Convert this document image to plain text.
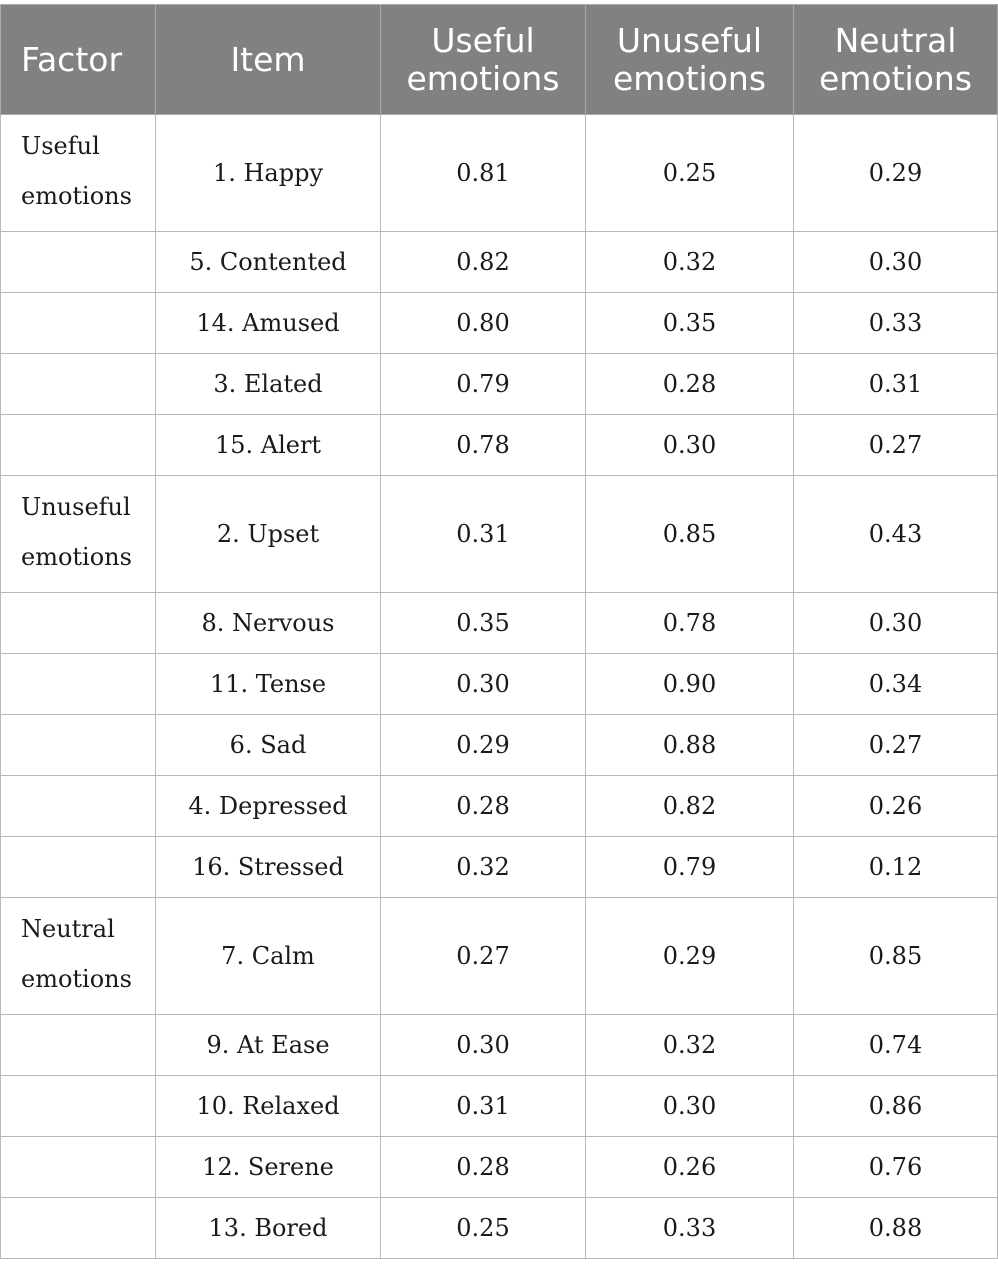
Factor	Item	Useful emotions	Unuseful emotions	Neutral emotions

Useful
emotions	1. Happy	0.81	0.25	0.29
	5. Contented	0.82	0.32	0.30
	14. Amused	0.80	0.35	0.33
	3. Elated	0.79	0.28	0.31
	15. Alert	0.78	0.30	0.27

Unuseful
emotions	2. Upset	0.31	0.85	0.43
	8. Nervous	0.35	0.78	0.30
	11. Tense	0.30	0.90	0.34
	6. Sad	0.29	0.88	0.27
	4. Depressed	0.28	0.82	0.26
	16. Stressed	0.32	0.79	0.12

Neutral
emotions	7. Calm	0.27	0.29	0.85
	9. At Ease	0.30	0.32	0.74
	10. Relaxed	0.31	0.30	0.86
	12. Serene	0.28	0.26	0.76
	13. Bored	0.25	0.33	0.88
